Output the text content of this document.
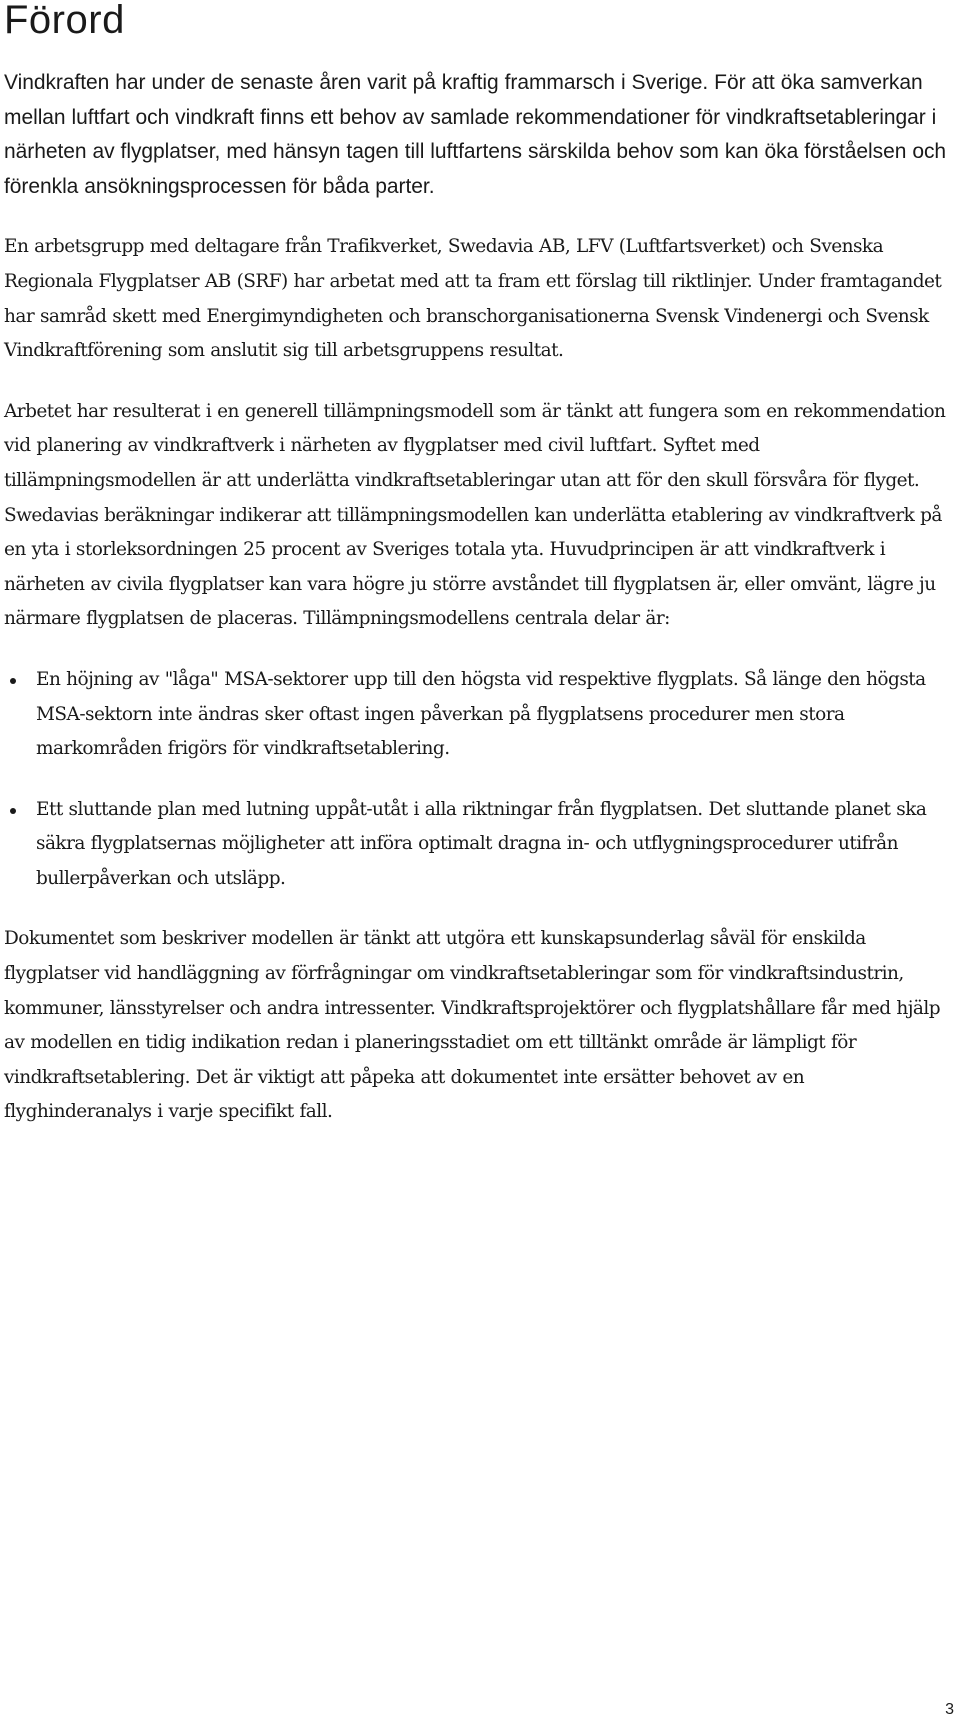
Förord

Vindkraften har under de senaste åren varit på kraftig frammarsch i Sverige. För att öka samverkan mellan luftfart och vindkraft finns ett behov av samlade rekommendationer för vindkraftsetableringar i närheten av flygplatser, med hänsyn tagen till luftfartens särskilda behov som kan öka förståelsen och förenkla ansökningsprocessen för båda parter.

En arbetsgrupp med deltagare från Trafikverket, Swedavia AB, LFV (Luftfartsverket) och Svenska Regionala Flygplatser AB (SRF) har arbetat med att ta fram ett förslag till riktlinjer. Under framtagandet har samråd skett med Energimyndigheten och branschorganisationerna Svensk Vindenergi och Svensk Vindkraftförening som anslutit sig till arbetsgruppens resultat.

Arbetet har resulterat i en generell tillämpningsmodell som är tänkt att fungera som en rekommendation vid planering av vindkraftverk i närheten av flygplatser med civil luftfart. Syftet med tillämpningsmodellen är att underlätta vindkraftsetableringar utan att för den skull försvåra för flyget. Swedavias beräkningar indikerar att tillämpningsmodellen kan underlätta etablering av vindkraftverk på en yta i storleksordningen 25 procent av Sveriges totala yta. Huvudprincipen är att vindkraftverk i närheten av civila flygplatser kan vara högre ju större avståndet till flygplatsen är, eller omvänt, lägre ju närmare flygplatsen de placeras. Tillämpningsmodellens centrala delar är:

En höjning av "låga" MSA-sektorer upp till den högsta vid respektive flygplats. Så länge den högsta MSA-sektorn inte ändras sker oftast ingen påverkan på flygplatsens procedurer men stora markområden frigörs för vindkraftsetablering.
Ett sluttande plan med lutning uppåt-utåt i alla riktningar från flygplatsen. Det sluttande planet ska säkra flygplatsernas möjligheter att införa optimalt dragna in- och utflygningsprocedurer utifrån bullerpåverkan och utsläpp.

Dokumentet som beskriver modellen är tänkt att utgöra ett kunskapsunderlag såväl för enskilda flygplatser vid handläggning av förfrågningar om vindkraftsetableringar som för vindkraftsindustrin, kommuner, länsstyrelser och andra intressenter. Vindkraftsprojektörer och flygplatshållare får med hjälp av modellen en tidig indikation redan i planeringsstadiet om ett tilltänkt område är lämpligt för vindkraftsetablering. Det är viktigt att påpeka att dokumentet inte ersätter behovet av en flyghinderanalys i varje specifikt fall.

3
